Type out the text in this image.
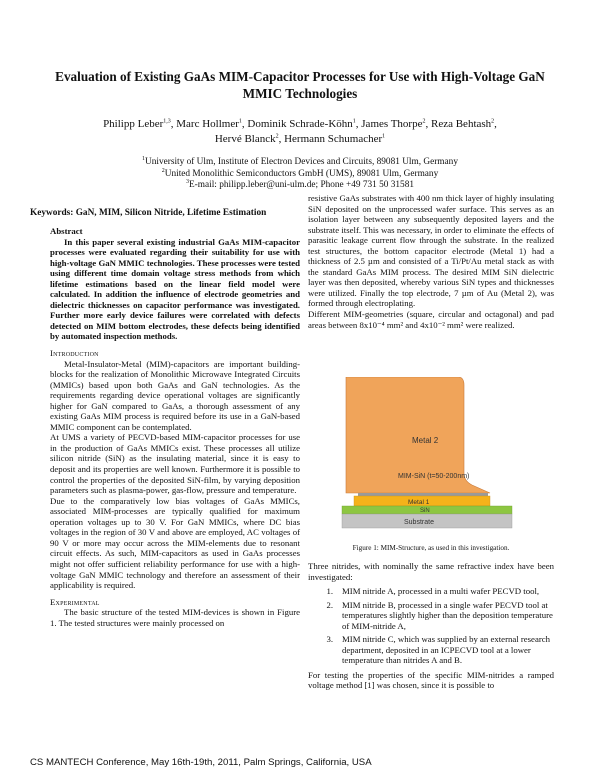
Evaluation of Existing GaAs MIM-Capacitor Processes for Use with High-Voltage GaN MMIC Technologies
Philipp Leber$^{1,3}$, Marc Hollmer$^1$, Dominik Schrade-Köhn$^1$, James Thorpe$^2$, Reza Behtash$^2$,
Hervé Blanck$^2$, Hermann Schumacher$^1$
$^1$University of Ulm, Institute of Electron Devices and Circuits, 89081 Ulm, Germany
$^2$United Monolithic Semiconductors GmbH (UMS), 89081 Ulm, Germany
$^3$E-mail: philipp.leber@uni-ulm.de; Phone +49 731 50 31581
Keywords: GaN, MIM, Silicon Nitride, Lifetime Estimation

Abstract

In this paper several existing industrial GaAs MIM-capacitor processes were evaluated regarding their suitability for use with high-voltage GaN MMIC technologies. These processes were tested using different time domain voltage stress methods from which lifetime estimations based on the linear field model were calculated. In addition the influence of electrode geometries and dielectric thicknesses on capacitor performance was investigated. Further more early device failures were correlated with defects detected on MIM bottom electrodes, these defects being identified by automated inspection methods.

Introduction

Metal-Insulator-Metal (MIM)-capacitors are important building-blocks for the realization of Monolithic Microwave Integrated Circuits (MMICs) based upon both GaAs and GaN technologies. As the requirements regarding device operational voltages are significantly higher for GaN compared to GaAs, a thorough assessment of any existing GaAs MIM process is required before its use in a GaN-based MMIC component can be contemplated.

At UMS a variety of PECVD-based MIM-capacitor processes for use in the production of GaAs MMICs exist. These processes all utilize silicon nitride (SiN) as the insulating material, since it is easy to deposit and its properties are well known. Furthermore it is possible to control the properties of the deposited SiN-film, by varying deposition parameters such as plasma-power, gas-flow, pressure and temperature.

Due to the comparatively low bias voltages of GaAs MMICs, associated MIM-processes are typically qualified for maximum operation voltages up to 30 V. For GaN MMICs, where DC bias voltages in the region of 30 V and above are employed, AC voltages of 90 V or more may occur across the MIM-elements due to resonant circuit effects. As such, MIM-capacitors as used in GaAs processes might not offer sufficient reliability performance for use with a high-voltage GaN MMIC technology and therefore an assessment of their applicability is required.

Experimental

The basic structure of the tested MIM-devices is shown in Figure 1. The tested structures were mainly processed on

resistive GaAs substrates with 400 nm thick layer of highly insulating SiN deposited on the unprocessed wafer surface. This serves as an isolation layer between any subsequently deposited layers and the substrate itself. This was necessary, in order to eliminate the effects of parasitic leakage current flow through the substrate. In the realized test structures, the bottom capacitor electrode (Metal 1) had a thickness of 2.5 µm and consisted of a Ti/Pt/Au metal stack as with the standard GaAs MIM process. The desired MIM SiN dielectric layer was then deposited, whereby various SiN types and thicknesses were utilized. Finally the top electrode, 7 µm of Au (Metal 2), was formed through electroplating.

Different MIM-geometries (square, circular and octagonal) and pad areas between 8x10⁻⁴ mm² and 4x10⁻² mm² were realized.

Metal 2
MIM-SiN (t=50-200nm)
Metal 1
SiN
Substrate
Figure 1: MIM-Structure, as used in this investigation.

Three nitrides, with nominally the same refractive index have been investigated:

1.	MIM nitride A, processed in a multi wafer PECVD tool,
2.	MIM nitride B, processed in a single wafer PECVD tool at temperatures slightly higher than the deposition temperature of MIM-nitride A,
3.	MIM nitride C, which was supplied by an external research department, deposited in an ICPECVD tool at a lower temperature than nitrides A and B.

For testing the properties of the specific MIM-nitrides a ramped voltage method [1] was chosen, since it is possible to

CS MANTECH Conference, May 16th-19th, 2011, Palm Springs, California, USA
